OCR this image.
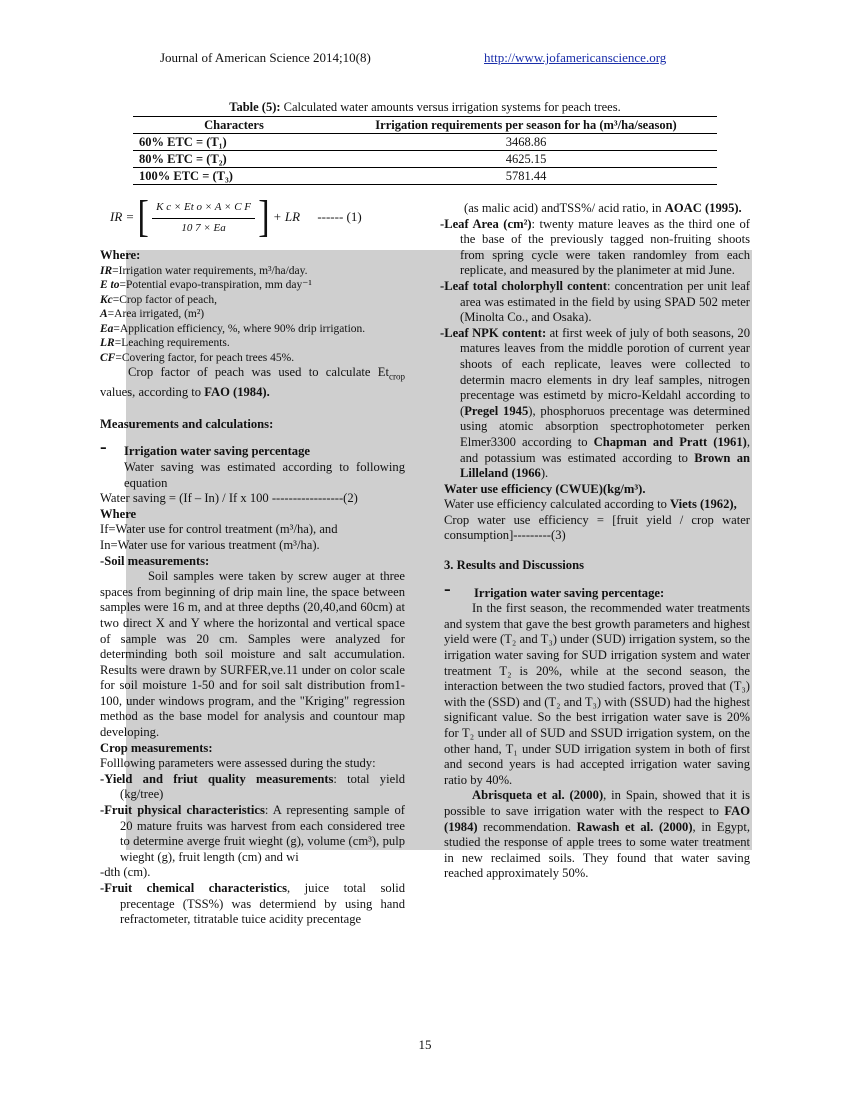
Journal of American Science 2014;10(8)	http://www.jofamericanscience.org
Table (5): Calculated water amounts versus irrigation systems for peach trees.
Characters	Irrigation requirements per season for ha (m³/ha/season)
60% ETC = (T₁)	3468.86
80% ETC = (T₂)	4625.15
100% ETC = (T₃)	5781.44
IR = [ $\frac{\text{K c × Et o × A × C F}}{10 7 \times Ea}$ ] + LR ------ (1)
Where:
IR=Irrigation water requirements, m³/ha/day.
E to=Potential evapo-transpiration, mm day⁻¹
Kc=Crop factor of peach,
A=Area irrigated, (m²)
Ea=Application efficiency, %, where 90% drip irrigation.
LR=Leaching requirements.
CF=Covering factor, for peach trees 45%.

Crop factor of peach was used to calculate $Et_{crop}$ values, according to FAO (1984).

Measurements and calculations:
- Irrigation water saving percentage
Water saving was estimated according to following equation
Water saving = (If – In) / If x 100 -----------------(2)
Where
If=Water use for control treatment (m³/ha), and
In=Water use for various treatment (m³/ha).
-Soil measurements:

Soil samples were taken by screw auger at three spaces from beginning of drip main line, the space between samples were 16 m, and at three depths (20,40,and 60cm) at two direct X and Y where the horizontal and vertical space of sample was 20 cm. Samples were analyzed for determinding both soil moisture and salt accumulation. Results were drawn by SURFER,ve.11 under on color scale for soil moisture 1-50 and for soil salt distribution from1-100, under windows program, and the "Kriging" regression method as the base model for analysis and countour map developing.

Crop measurements:
Folllowing parameters were assessed during the study:

-Yield and friut quality measurements: total yield (kg/tree)

-Fruit physical characteristics: A representing sample of 20 mature fruits was harvest from each considered tree to determine averge fruit wieght (g), volume (cm³), pulp wieght (g), fruit length (cm) and wi

-dth (cm).

-Fruit chemical characteristics, juice total solid precentage (TSS%) was determiend by using hand refractometer, titratable tuice acidity precentage

(as malic acid) andTSS%/ acid ratio, in AOAC (1995).

-Leaf Area (cm²): twenty mature leaves as the third one of the base of the previously tagged non-fruiting shoots from spring cycle were taken randomley from each replicate, and measured by the planimeter at mid June.

-Leaf total cholorphyll content: concentration per unit leaf area was estimated in the field by using SPAD 502 meter (Minolta Co., and Osaka).

-Leaf NPK content: at first week of july of both seasons, 20 matures leaves from the middle porotion of current year shoots of each replicate, leaves were collected to determin macro elements in dry leaf samples, nitrogen precentage was estimetd by micro-Keldahl according to (Pregel 1945), phosphoruos precentage was determined using atomic absorption spectrophotometer perken Elmer3300 according to Chapman and Pratt (1961), and potassium was estimated according to Brown an Lilleland (1966).

Water use efficiency (CWUE)(kg/m³).

Water use efficiency calculated according to Viets (1962),

Crop water use efficiency = [fruit yield / crop water consumption]---------(3)

3. Results and Discussions
- Irrigation water saving percentage:

In the first season, the recommended water treatments and system that gave the best growth parameters and highest yield were (T₂ and T₃) under (SUD) irrigation system, so the irrigation water saving for SUD irrigation system and water treatment T₂ is 20%, while at the second season, the interaction between the two studied factors, proved that (T₃) with the (SSD) and (T₂ and T₃) with (SSUD) had the highest significant value. So the best irrigation water save is 20% for T₂ under all of SUD and SSUD irrigation system, on the other hand, T₁ under SUD irrigation system in both of first and second years is had accepted irrigation water saving ratio by 40%.

Abrisqueta et al. (2000), in Spain, showed that it is possible to save irrigation water with the respect to FAO (1984) recommendation. Rawash et al. (2000), in Egypt, studied the response of apple trees to some water treatment in new reclaimed soils. They found that water saving reached approximately 50%.

15
